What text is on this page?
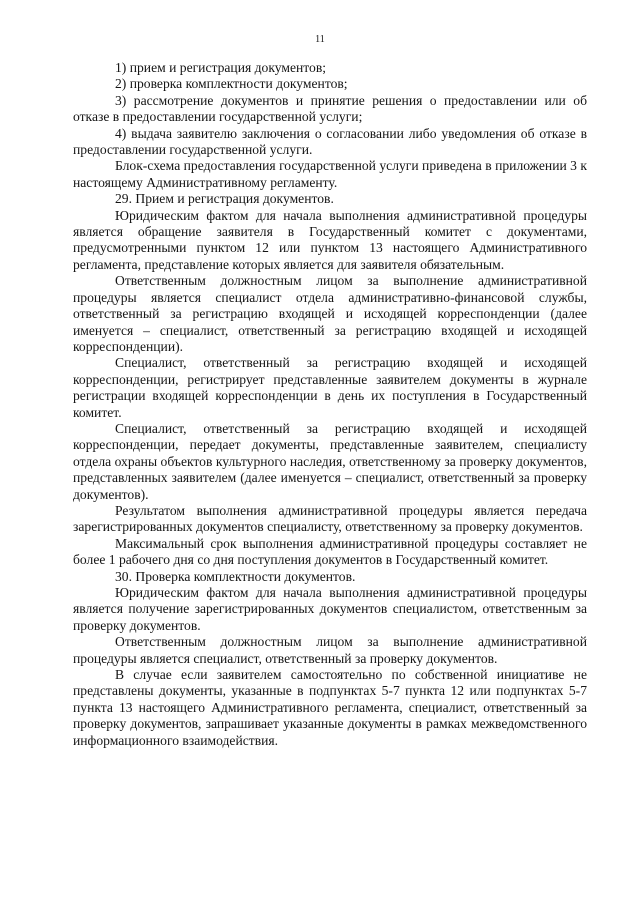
11

1) прием и регистрация документов;

2) проверка комплектности документов;

3) рассмотрение документов и принятие решения о предоставлении или об отказе в предоставлении государственной услуги;

4) выдача заявителю заключения о согласовании либо уведомления об отказе в предоставлении государственной услуги.

Блок-схема предоставления государственной услуги приведена в приложении 3 к настоящему Административному регламенту.

29. Прием и регистрация документов.

Юридическим фактом для начала выполнения административной процедуры является обращение заявителя в Государственный комитет с документами, предусмотренными пунктом 12 или пунктом 13 настоящего Административного регламента, представление которых является для заявителя обязательным.

Ответственным должностным лицом за выполнение административной процедуры является специалист отдела административно-финансовой службы, ответственный за регистрацию входящей и исходящей корреспонденции (далее именуется – специалист, ответственный за регистрацию входящей и исходящей корреспонденции).

Специалист, ответственный за регистрацию входящей и исходящей корреспонденции, регистрирует представленные заявителем документы в журнале регистрации входящей корреспонденции в день их поступления в Государственный комитет.

Специалист, ответственный за регистрацию входящей и исходящей корреспонденции, передает документы, представленные заявителем, специалисту отдела охраны объектов культурного наследия, ответственному за проверку документов, представленных заявителем (далее именуется – специалист, ответственный за проверку документов).

Результатом выполнения административной процедуры является передача зарегистрированных документов специалисту, ответственному за проверку документов.

Максимальный срок выполнения административной процедуры составляет не более 1 рабочего дня со дня поступления документов в Государственный комитет.

30. Проверка комплектности документов.

Юридическим фактом для начала выполнения административной процедуры является получение зарегистрированных документов специалистом, ответственным за проверку документов.

Ответственным должностным лицом за выполнение административной процедуры является специалист, ответственный за проверку документов.

В случае если заявителем самостоятельно по собственной инициативе не представлены документы, указанные в подпунктах 5-7 пункта 12 или подпунктах 5-7 пункта 13 настоящего Административного регламента, специалист, ответственный за проверку документов, запрашивает указанные документы в рамках межведомственного информационного взаимодействия.
